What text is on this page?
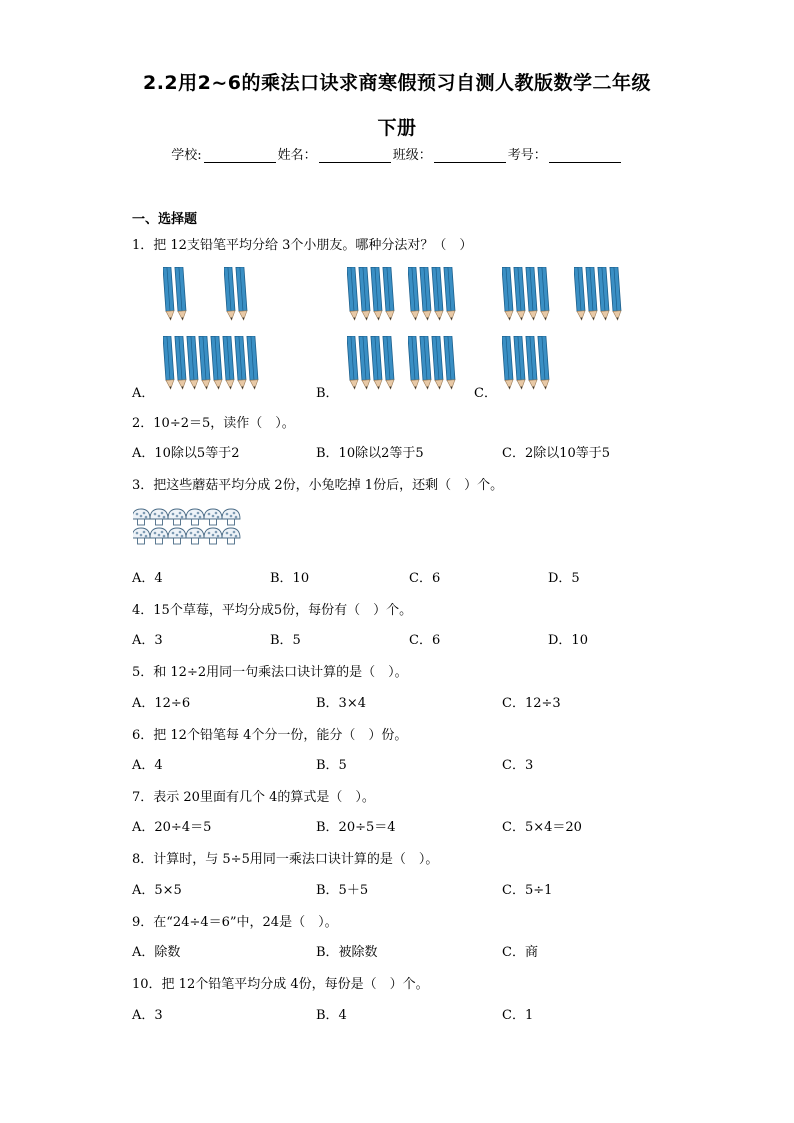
2.2用2~6的乘法口诀求商寒假预习自测人教版数学二年级
下册
学校:	姓名：	班级：	考号：
一、选择题
1．把 12支铅笔平均分给 3个小朋友。哪种分法对？（　）
A．	B．	C．
2．10÷2＝5，读作（　）。
A．10除以5等于2	B．10除以2等于5	C．2除以10等于5
3．把这些蘑菇平均分成 2份，小兔吃掉 1份后，还剩（　）个。
A．4	B．10	C．6	D．5
4．15个草莓，平均分成5份，每份有（　）个。
A．3	B．5	C．6	D．10
5．和 12÷2用同一句乘法口诀计算的是（　）。
A．12÷6	B．3×4	C．12÷3
6．把 12个铅笔每 4个分一份，能分（　）份。
A．4	B．5	C．3
7．表示 20里面有几个 4的算式是（　）。
A．20÷4＝5	B．20÷5＝4	C．5×4＝20
8．计算时，与 5÷5用同一乘法口诀计算的是（　）。
A．5×5	B．5＋5	C．5÷1
9．在“24÷4＝6”中，24是（　）。
A．除数	B．被除数	C．商
10．把 12个铅笔平均分成 4份，每份是（　）个。
A．3	B．4	C．1
